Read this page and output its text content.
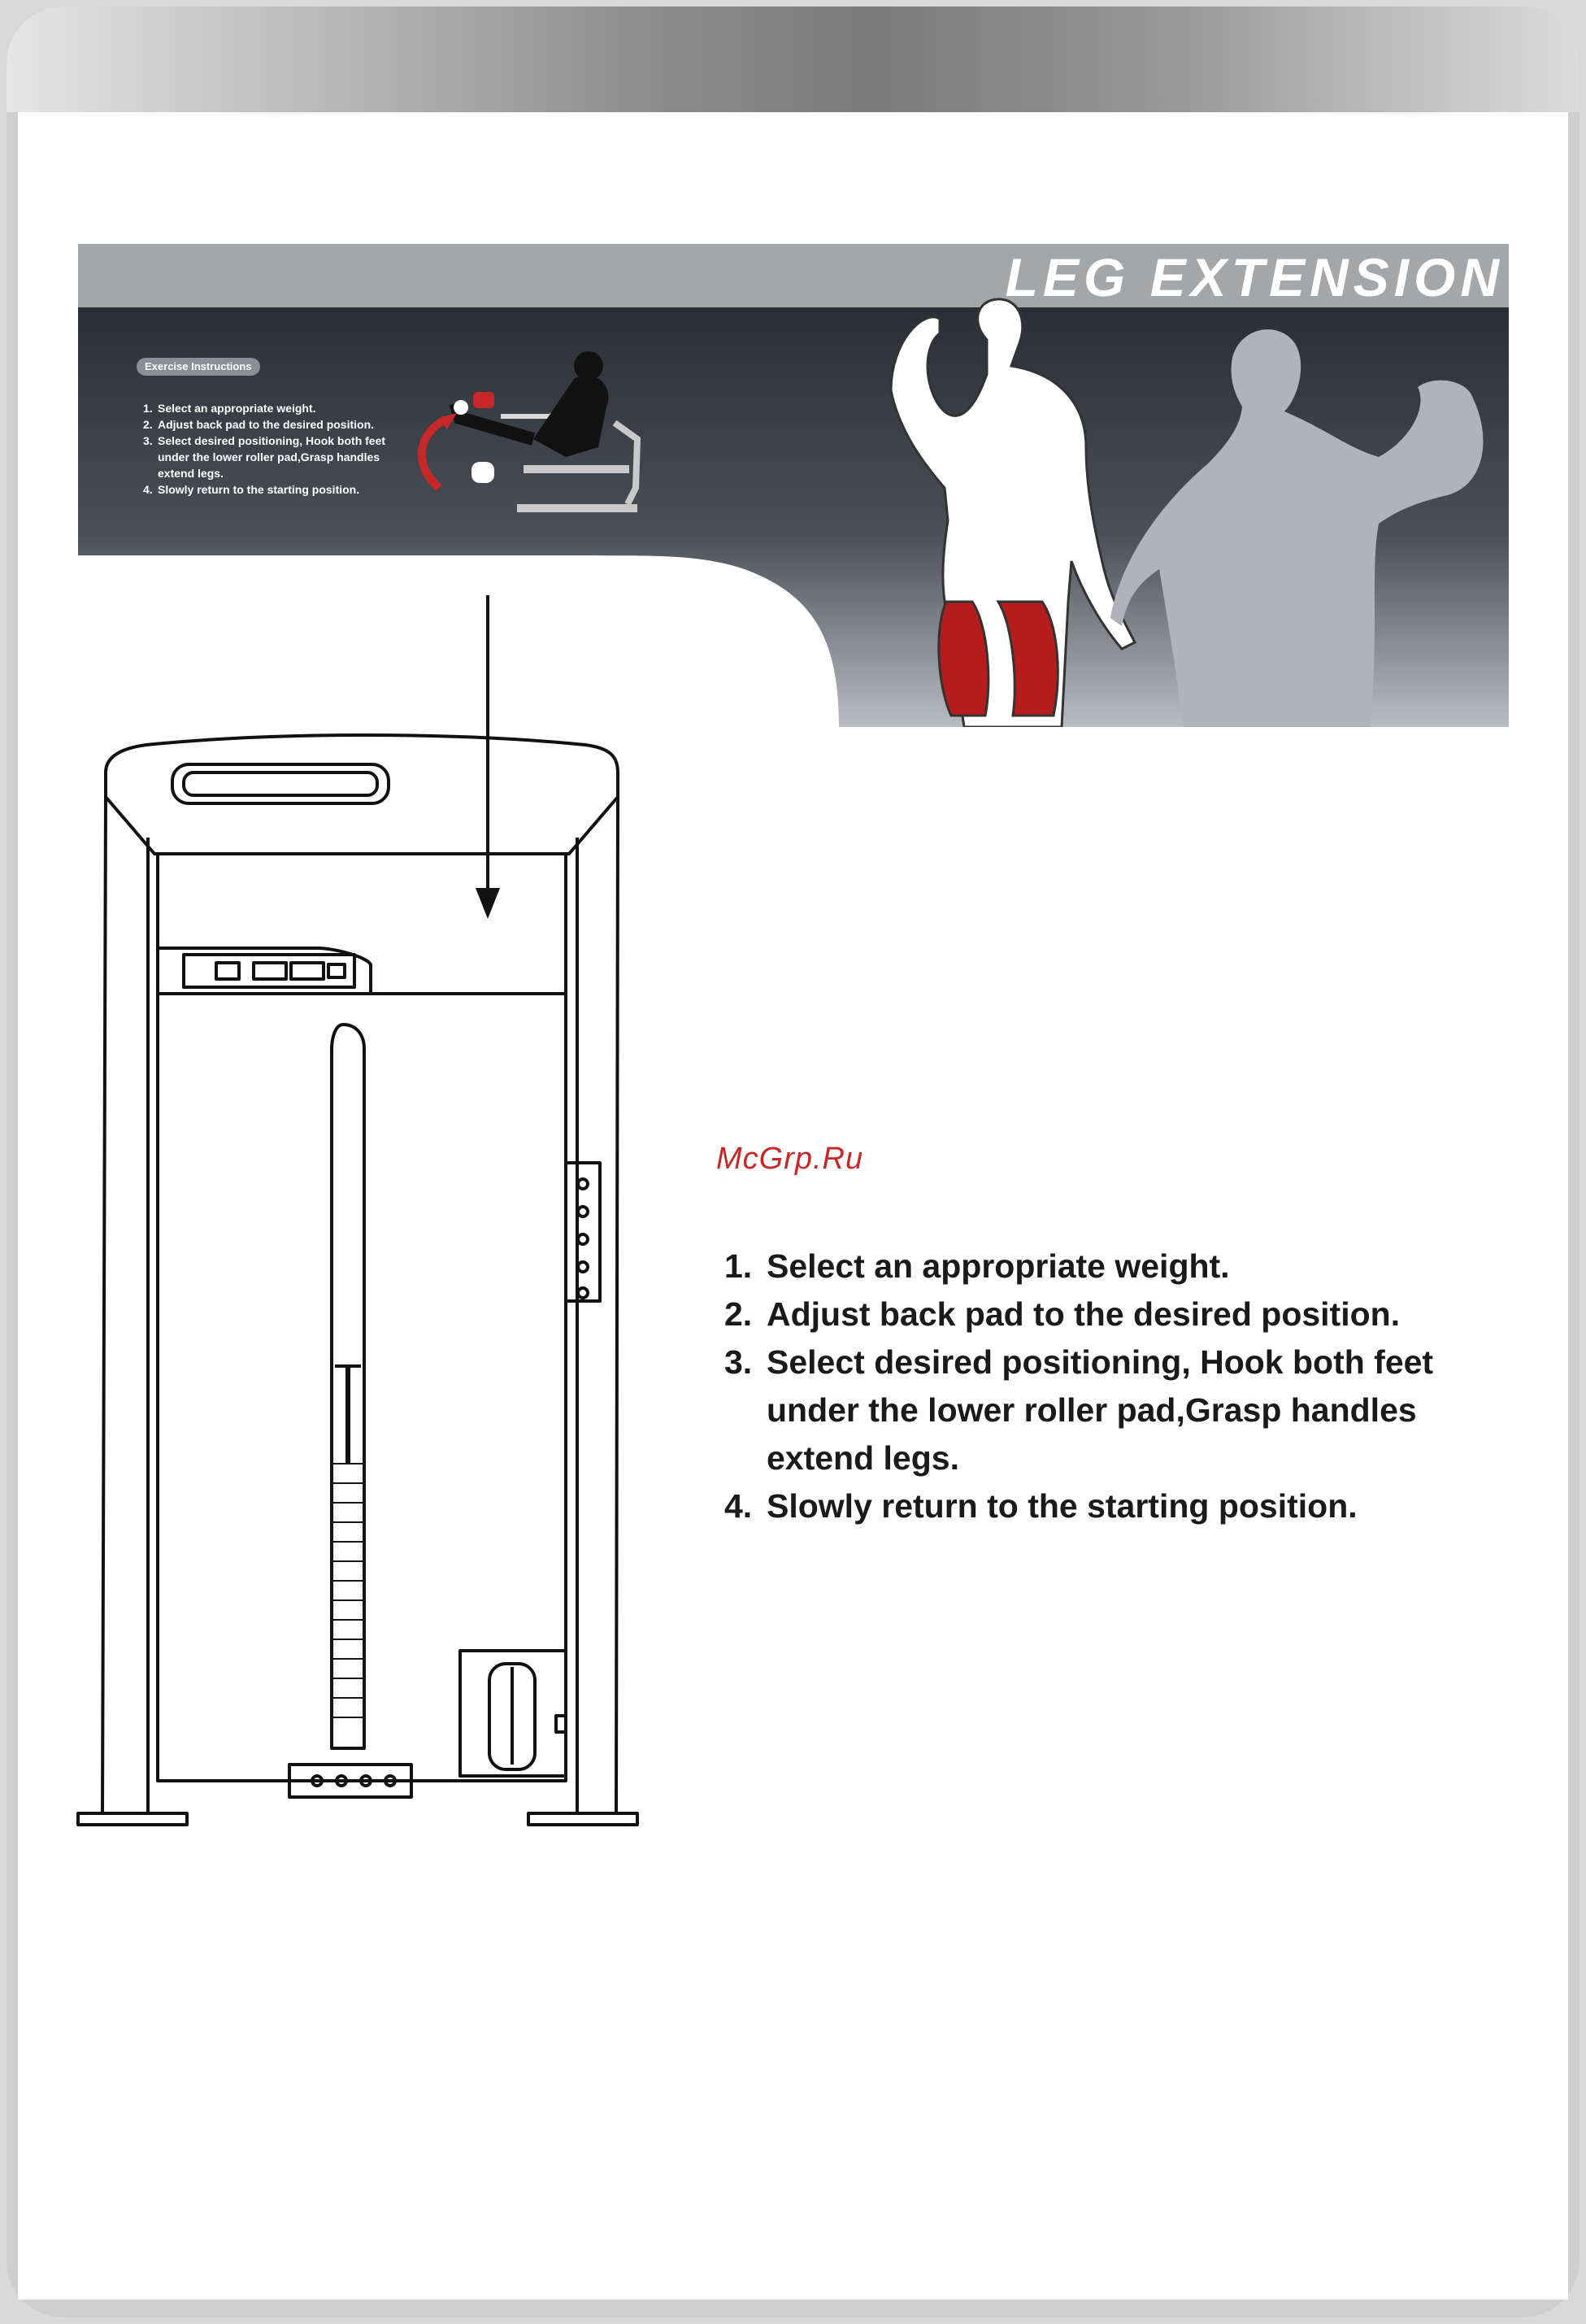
LEG EXTENSION
Exercise Instructions
1. Select an appropriate weight.
2. Adjust back pad to the desired position.
3. Select desired positioning, Hook both feet under the lower roller pad,Grasp handles extend legs.
4. Slowly return to the starting position.
McGrp.Ru
1. Select an appropriate weight.
2. Adjust back pad to the desired position.
3. Select desired positioning, Hook both feet under the lower roller pad,Grasp handles extend legs.
4. Slowly return to the starting position.
